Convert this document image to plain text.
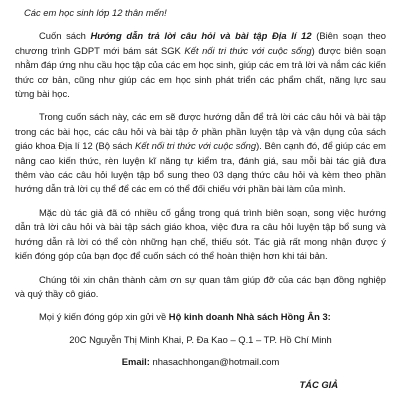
Các em học sinh lớp 12 thân mến!

Cuốn sách Hướng dẫn trả lời câu hỏi và bài tập Địa lí 12 (Biên soạn theo chương trình GDPT mới bám sát SGK Kết nối tri thức với cuộc sống) được biên soạn nhằm đáp ứng nhu cầu học tập của các em học sinh, giúp các em trả lời và nắm các kiến thức cơ bản, cũng như giúp các em học sinh phát triển các phẩm chất, năng lực sau từng bài học.

Trong cuốn sách này, các em sẽ được hướng dẫn để trả lời các câu hỏi và bài tập trong các bài học, các câu hỏi và bài tập ở phần phần luyện tập và vận dụng của sách giáo khoa Địa lí 12 (Bộ sách Kết nối tri thức với cuộc sống). Bên cạnh đó, để giúp các em nâng cao kiến thức, rèn luyện kĩ năng tự kiểm tra, đánh giá, sau mỗi bài tác giả đưa thêm vào các câu hỏi luyện tập bổ sung theo 03 dạng thức câu hỏi và kèm theo phần hướng dẫn trả lời cụ thể để các em có thể đối chiếu với phần bài làm của mình.

Mặc dù tác giả đã có nhiều cố gắng trong quá trình biên soạn, song việc hướng dẫn trả lời câu hỏi và bài tập sách giáo khoa, việc đưa ra câu hỏi luyện tập bổ sung và hướng dẫn rả lời có thể còn những hạn chế, thiếu sót. Tác giả rất mong nhận được ý kiến đóng góp của bạn đọc để cuốn sách có thể hoàn thiện hơn khi tái bản.

Chúng tôi xin chân thành cảm ơn sự quan tâm giúp đỡ của các bạn đồng nghiệp và quý thầy cô giáo.

Mọi ý kiến đóng góp xin gửi về Hộ kinh doanh Nhà sách Hồng Ân 3:
20C Nguyễn Thị Minh Khai, P. Đa Kao – Q.1 – TP. Hồ Chí Minh
Email: nhasachhongan@hotmail.com
TÁC GIẢ
